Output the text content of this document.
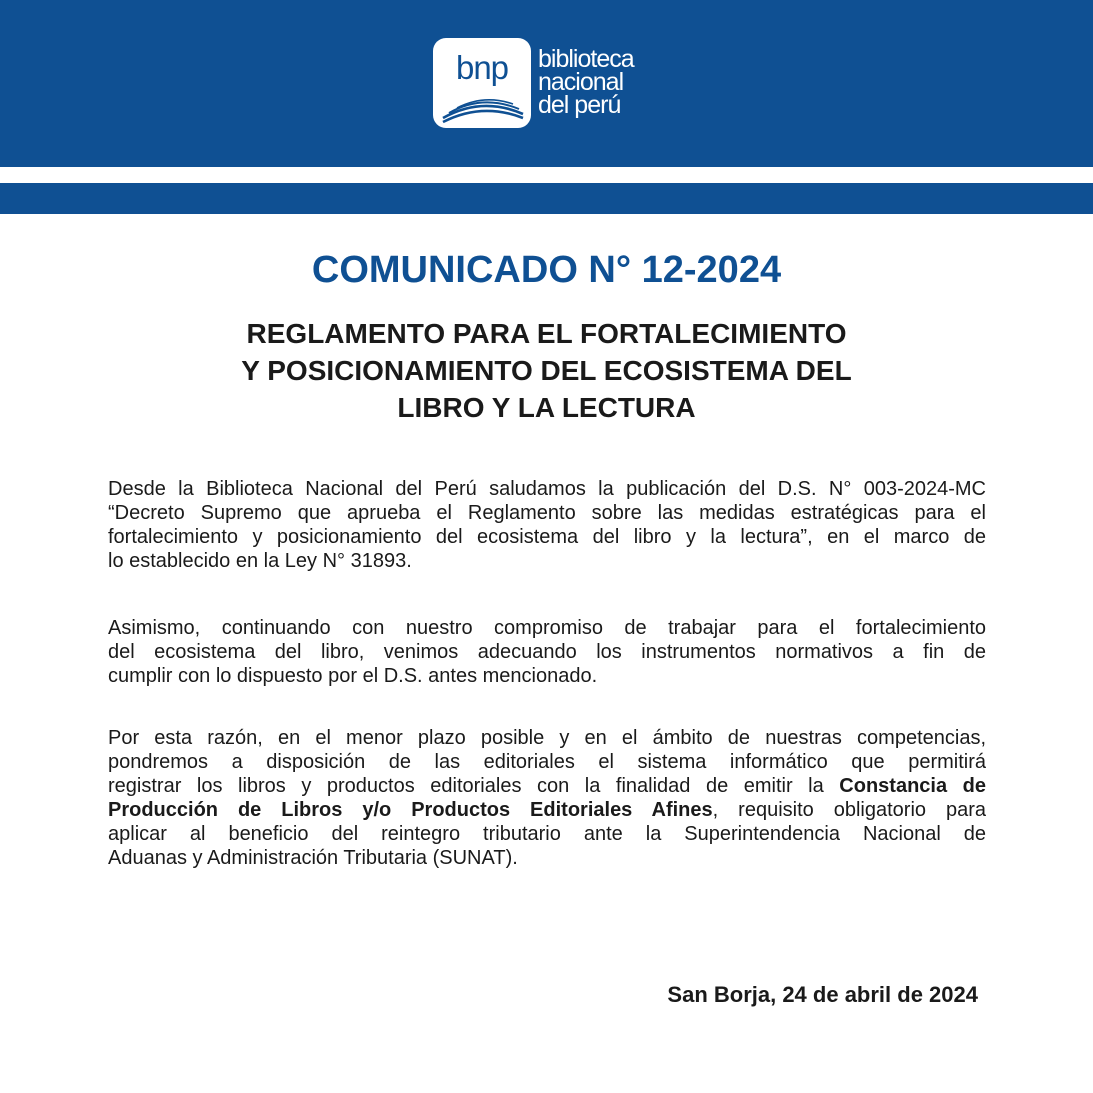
bnp	biblioteca
nacional
del perú
COMUNICADO N° 12-2024
REGLAMENTO PARA EL FORTALECIMIENTO
Y POSICIONAMIENTO DEL ECOSISTEMA DEL
LIBRO Y LA LECTURA
Desde la Biblioteca Nacional del Perú saludamos la publicación del D.S. N° 003-2024-MC
“Decreto Supremo que aprueba el Reglamento sobre las medidas estratégicas para el
fortalecimiento y posicionamiento del ecosistema del libro y la lectura”, en el marco de
lo establecido en la Ley N° 31893.
Asimismo, continuando con nuestro compromiso de trabajar para el fortalecimiento
del ecosistema del libro, venimos adecuando los instrumentos normativos a fin de
cumplir con lo dispuesto por el D.S. antes mencionado.
Por esta razón, en el menor plazo posible y en el ámbito de nuestras competencias,
pondremos a disposición de las editoriales el sistema informático que permitirá
registrar los libros y productos editoriales con la finalidad de emitir la Constancia de
Producción de Libros y/o Productos Editoriales Afines, requisito obligatorio para
aplicar al beneficio del reintegro tributario ante la Superintendencia Nacional de
Aduanas y Administración Tributaria (SUNAT).
San Borja, 24 de abril de 2024
